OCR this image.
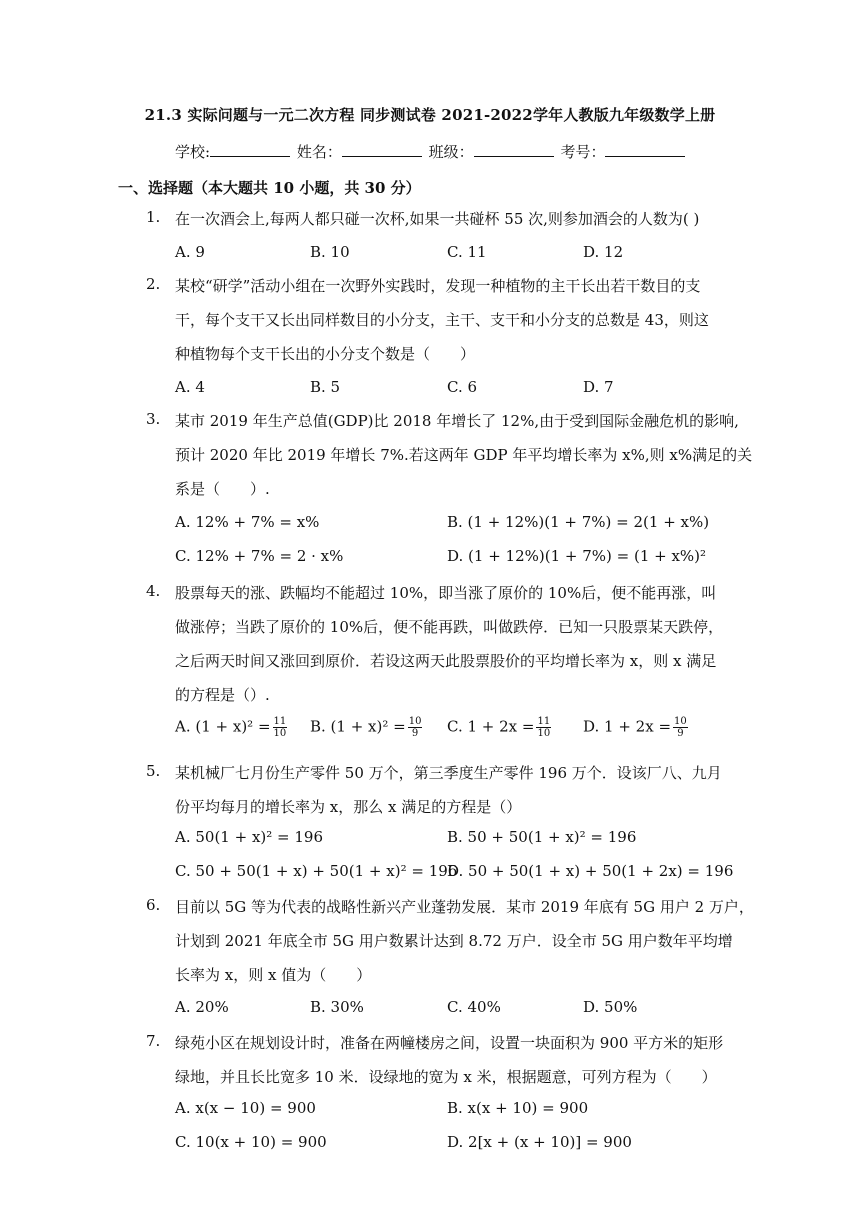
21.3 实际问题与一元二次方程 同步测试卷 2021-2022学年人教版九年级数学上册
学校:	姓名：	班级：	考号：
一、选择题（本大题共 10 小题，共 30 分）
1. 在一次酒会上,每两人都只碰一次杯,如果一共碰杯 55 次,则参加酒会的人数为( )
A. 9	B. 10	C. 11	D. 12
2. 某校“研学”活动小组在一次野外实践时，发现一种植物的主干长出若干数目的支
干，每个支干又长出同样数目的小分支，主干、支干和小分支的总数是 43，则这
种植物每个支干长出的小分支个数是（　　）
A. 4	B. 5	C. 6	D. 7
3. 某市 2019 年生产总值(GDP)比 2018 年增长了 12%,由于受到国际金融危机的影响,
预计 2020 年比 2019 年增长 7%.若这两年 GDP 年平均增长率为 x%,则 x%满足的关
系是（　　）.
A. 12% + 7% = x%	B. (1 + 12%)(1 + 7%) = 2(1 + x%)
C. 12% + 7% = 2 · x%	D. (1 + 12%)(1 + 7%) = (1 + x%)²
4. 股票每天的涨、跌幅均不能超过 10%，即当涨了原价的 10%后，便不能再涨，叫
做涨停；当跌了原价的 10%后，便不能再跌，叫做跌停．已知一只股票某天跌停，
之后两天时间又涨回到原价．若设这两天此股票股价的平均增长率为 x，则 x 满足
的方程是（）.
A. $(1 + x)^2 = \frac{11}{10} B$. $(1 + x)^2 = \frac{10}{9} C$. $1 + 2x = \frac{11}{10} D$. $1 + 2x = \frac{10}{9}$
5. 某机械厂七月份生产零件 50 万个，第三季度生产零件 196 万个．设该厂八、九月
份平均每月的增长率为 x，那么 x 满足的方程是（）
A. 50(1 + x)² = 196	B. 50 + 50(1 + x)² = 196
C. 50 + 50(1 + x) + 50(1 + x)² = 196
D. 50 + 50(1 + x) + 50(1 + 2x) = 196
6. 目前以 5G 等为代表的战略性新兴产业蓬勃发展．某市 2019 年底有 5G 用户 2 万户，
计划到 2021 年底全市 5G 用户数累计达到 8.72 万户．设全市 5G 用户数年平均增
长率为 x，则 x 值为（　　）
A. 20%	B. 30%	C. 40%	D. 50%
7. 绿苑小区在规划设计时，准备在两幢楼房之间，设置一块面积为 900 平方米的矩形
绿地，并且长比宽多 10 米．设绿地的宽为 x 米，根据题意，可列方程为（　　）
A. x(x − 10) = 900	B. x(x + 10) = 900
C. 10(x + 10) = 900	D. 2[x + (x + 10)] = 900
